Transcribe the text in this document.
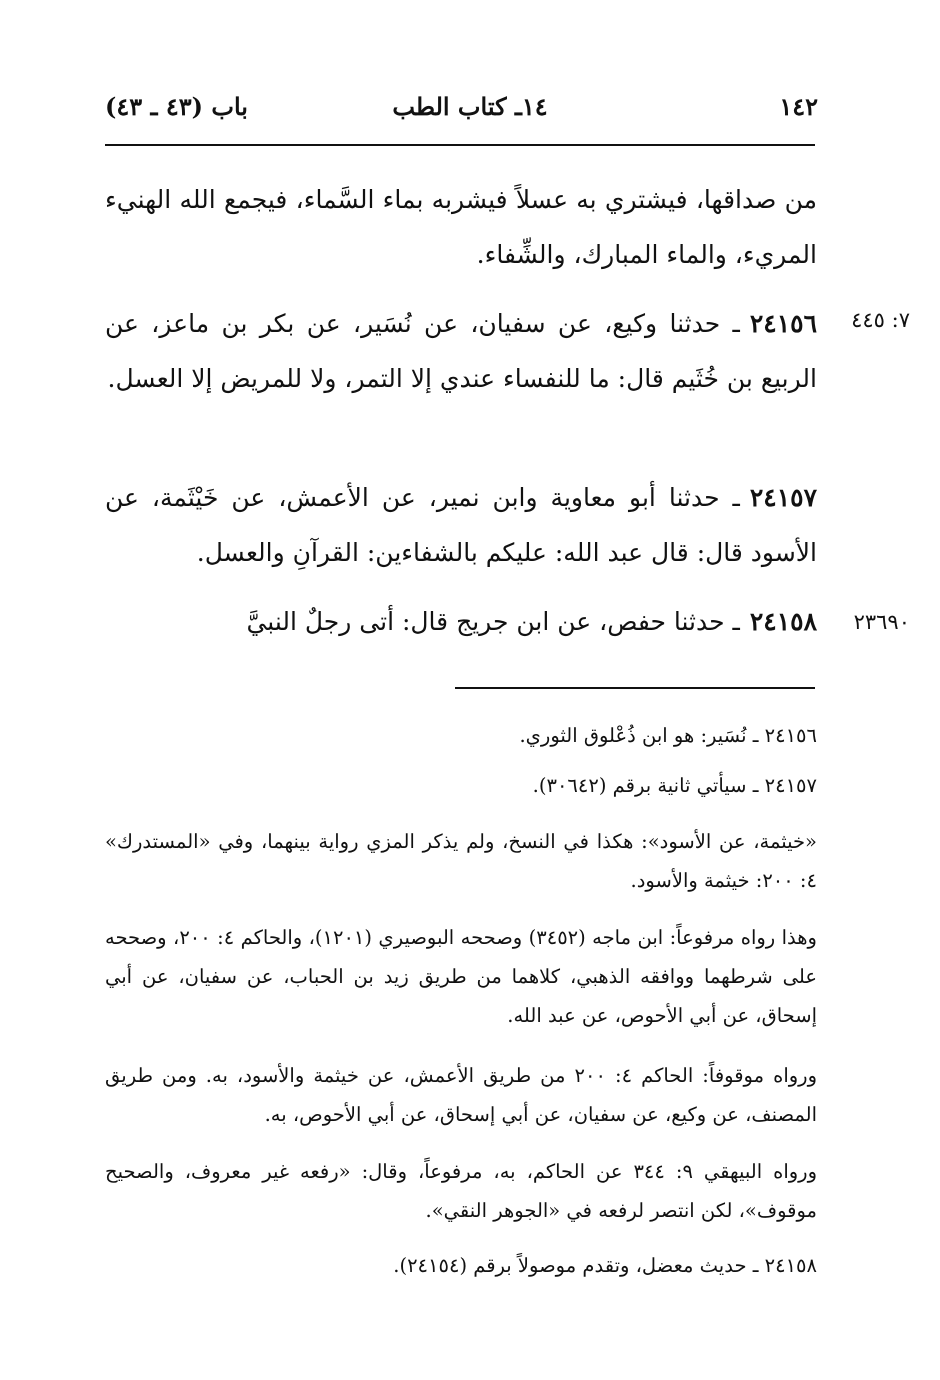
١٤٢
١٤ـ كتاب الطب
باب (٤٣ ـ ٤٣)
من صداقها، فيشتري به عسلاً فيشربه بماء السَّماء، فيجمع الله الهنيء المريء، والماء المبارك، والشِّفاء.
٧: ٤٤٥
٢٤١٥٦ـ حدثنا وكيع، عن سفيان، عن نُسَير، عن بكر بن ماعز، عن الربيع بن خُثَيم قال: ما للنفساء عندي إلا التمر، ولا للمريض إلا العسل.
٢٤١٥٧ـ حدثنا أبو معاوية وابن نمير، عن الأعمش، عن خَيْثَمة، عن الأسود قال: قال عبد الله: عليكم بالشفاءين: القرآنِ والعسل.
٢٣٦٩٠
٢٤١٥٨ـ حدثنا حفص، عن ابن جريج قال: أتى رجلٌ النبيَّ
٢٤١٥٦ ـ نُسَير: هو ابن ذُعْلوق الثوري.
٢٤١٥٧ ـ سيأتي ثانية برقم (٣٠٦٤٢).
«خيثمة، عن الأسود»: هكذا في النسخ، ولم يذكر المزي رواية بينهما، وفي «المستدرك» ٤: ٢٠٠: خيثمة والأسود.
وهذا رواه مرفوعاً: ابن ماجه (٣٤٥٢) وصححه البوصيري (١٢٠١)، والحاكم ٤: ٢٠٠، وصححه على شرطهما ووافقه الذهبي، كلاهما من طريق زيد بن الحباب، عن سفيان، عن أبي إسحاق، عن أبي الأحوص، عن عبد الله.
ورواه موقوفاً: الحاكم ٤: ٢٠٠ من طريق الأعمش، عن خيثمة والأسود، به. ومن طريق المصنف، عن وكيع، عن سفيان، عن أبي إسحاق، عن أبي الأحوص، به.
ورواه البيهقي ٩: ٣٤٤ عن الحاكم، به، مرفوعاً، وقال: «رفعه غير معروف، والصحيح موقوف»، لكن انتصر لرفعه في «الجوهر النقي».
٢٤١٥٨ ـ حديث معضل، وتقدم موصولاً برقم (٢٤١٥٤).
